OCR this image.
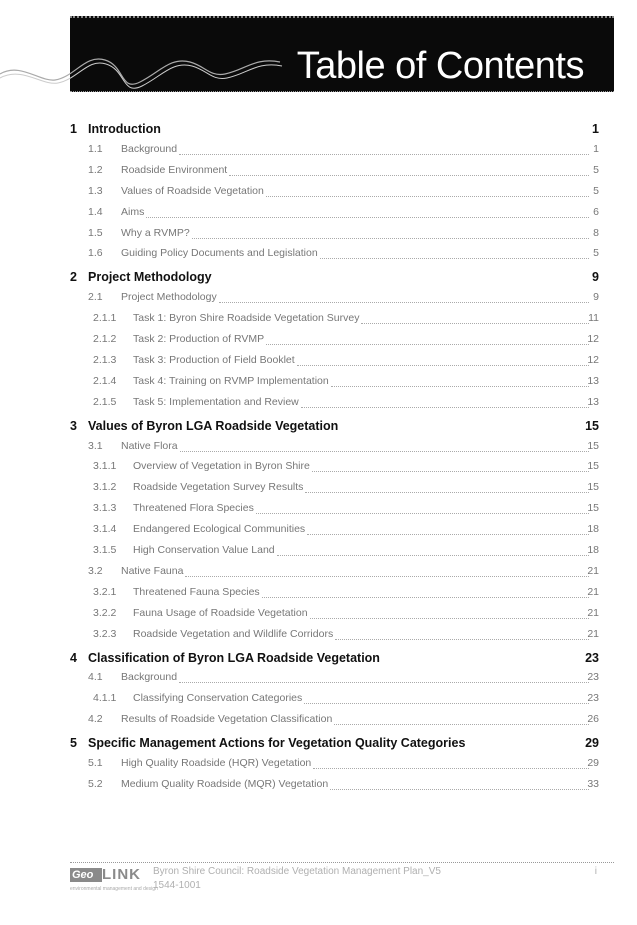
Table of Contents
1 Introduction	1
1.1 Background	1
1.2 Roadside Environment	5
1.3 Values of Roadside Vegetation	5
1.4 Aims	6
1.5 Why a RVMP?	8
1.6 Guiding Policy Documents and Legislation	5
2 Project Methodology	9
2.1 Project Methodology	9
2.1.1 Task 1: Byron Shire Roadside Vegetation Survey	11
2.1.2 Task 2: Production of RVMP	12
2.1.3 Task 3: Production of Field Booklet	12
2.1.4 Task 4: Training on RVMP Implementation	13
2.1.5 Task 5: Implementation and Review	13
3 Values of Byron LGA Roadside Vegetation	15
3.1 Native Flora	15
3.1.1 Overview of Vegetation in Byron Shire	15
3.1.2 Roadside Vegetation Survey Results	15
3.1.3 Threatened Flora Species	15
3.1.4 Endangered Ecological Communities	18
3.1.5 High Conservation Value Land	18
3.2 Native Fauna	21
3.2.1 Threatened Fauna Species	21
3.2.2 Fauna Usage of Roadside Vegetation	21
3.2.3 Roadside Vegetation and Wildlife Corridors	21
4 Classification of Byron LGA Roadside Vegetation	23
4.1 Background	23
4.1.1 Classifying Conservation Categories	23
4.2 Results of Roadside Vegetation Classification	26
5 Specific Management Actions for Vegetation Quality Categories	29
5.1 High Quality Roadside (HQR) Vegetation	29
5.2 Medium Quality Roadside (MQR) Vegetation	33
Geo LINK
environmental management and design
Byron Shire Council: Roadside Vegetation Management Plan_V5
1544-1001
i
